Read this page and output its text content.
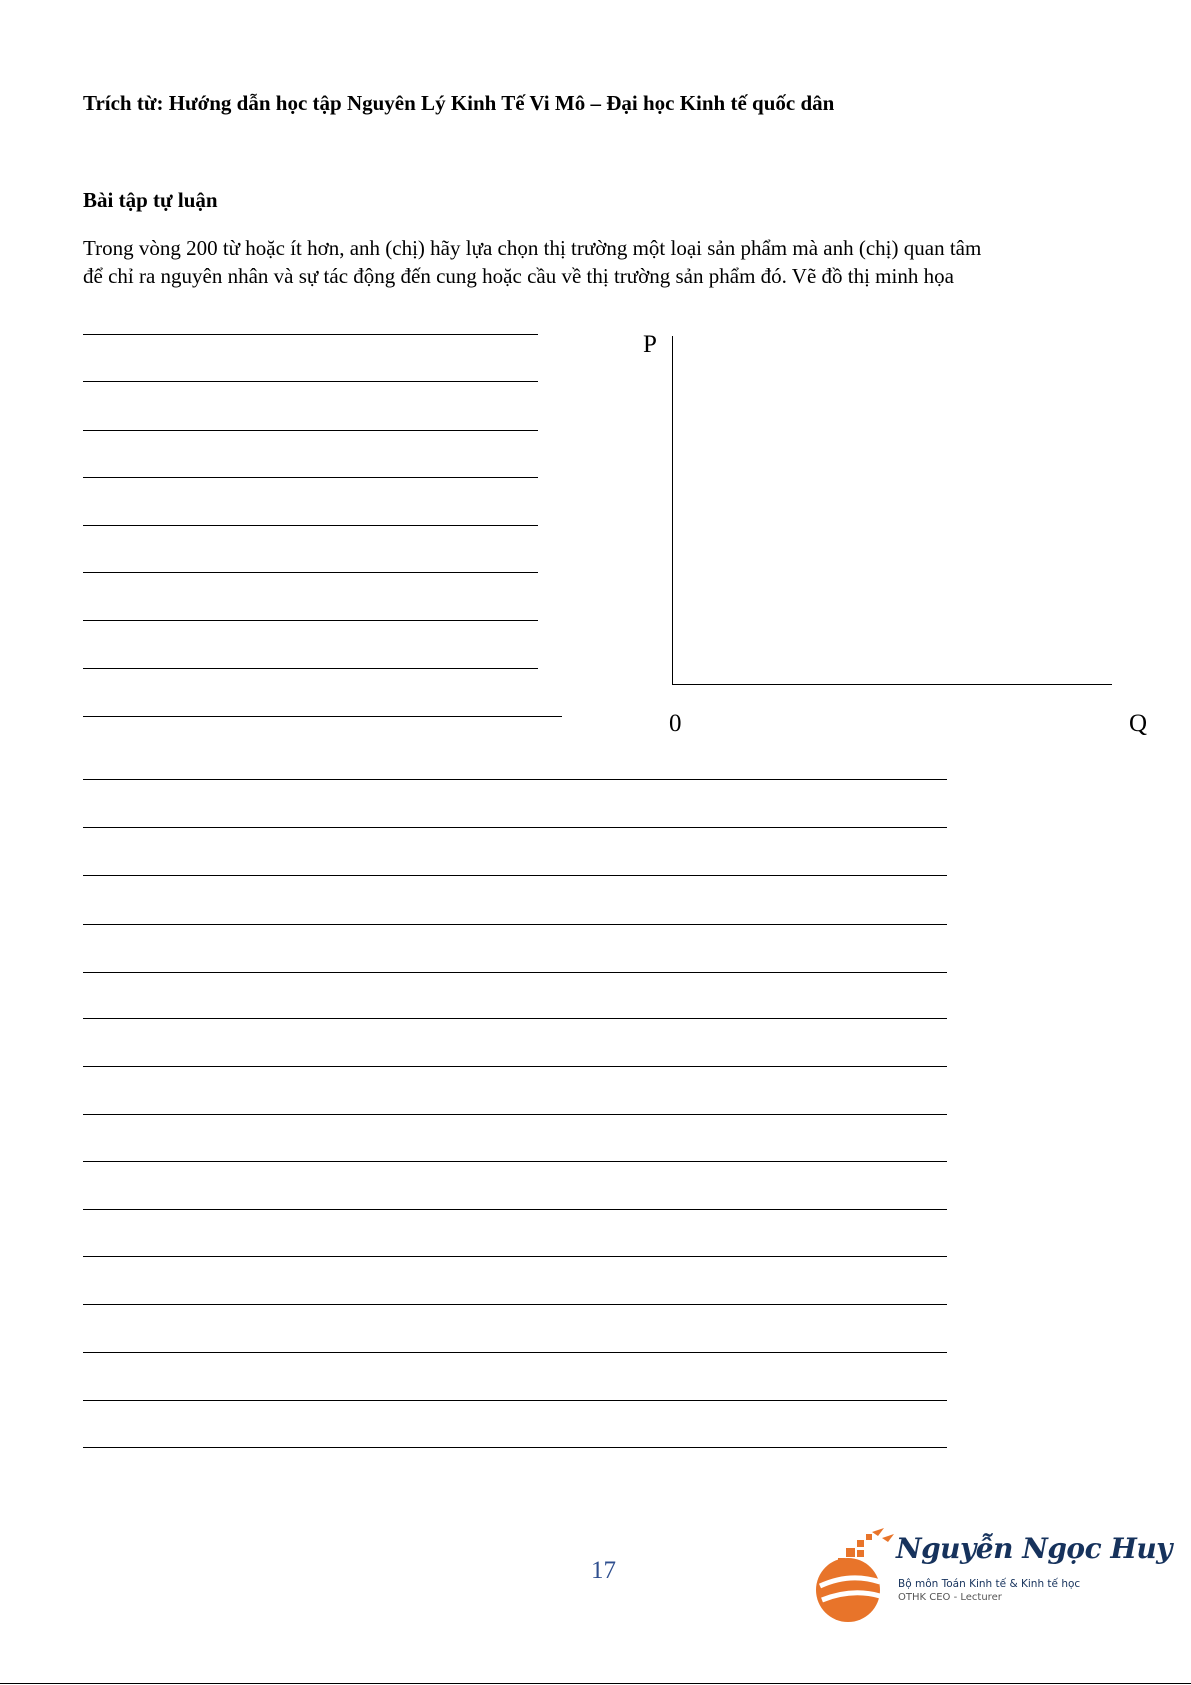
Trích từ: Hướng dẫn học tập Nguyên Lý Kinh Tế Vi Mô – Đại học Kinh tế quốc dân
Bài tập tự luận
Trong vòng 200 từ hoặc ít hơn, anh (chị) hãy lựa chọn thị trường một loại sản phẩm mà anh (chị) quan tâm
để chỉ ra nguyên nhân và sự tác động đến cung hoặc cầu về thị trường sản phẩm đó. Vẽ đồ thị minh họa
P
0	Q
17
Nguyễn Ngọc Huy
Bộ môn Toán Kinh tế & Kinh tế học
OTHK CEO - Lecturer
